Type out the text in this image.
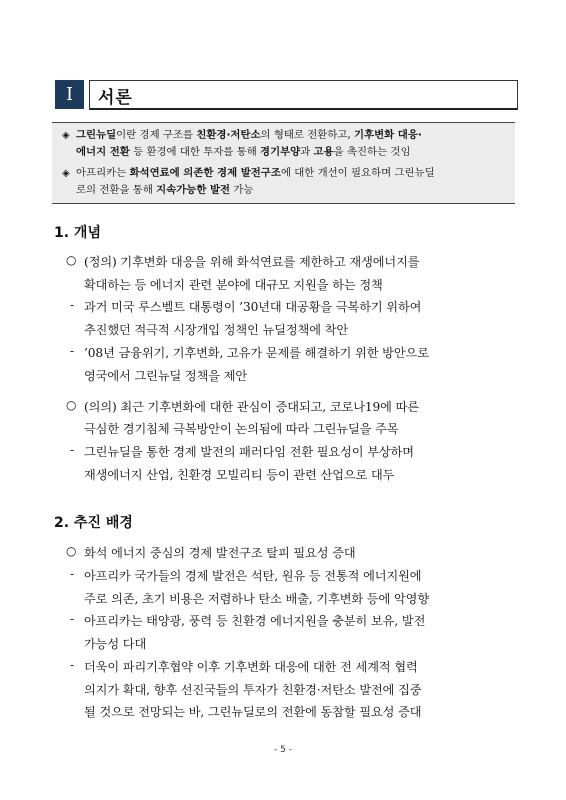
I	서론
◈ 그린뉴딜이란 경제 구조를 친환경·저탄소의 형태로 전환하고, 기후변화 대응·
에너지 전환 등 환경에 대한 투자를 통해 경기부양과 고용을 촉진하는 것임
◈ 아프리카는 화석연료에 의존한 경제 발전구조에 대한 개선이 필요하며 그린뉴딜
로의 전환을 통해 지속가능한 발전 가능
1. 개념
○ (정의) 기후변화 대응을 위해 화석연료를 제한하고 재생에너지를
확대하는 등 에너지 관련 분야에 대규모 지원을 하는 정책
- 과거 미국 루스벨트 대통령이 ’30년대 대공황을 극복하기 위하여
추진했던 적극적 시장개입 정책인 뉴딜정책에 착안
- ’08년 금융위기, 기후변화, 고유가 문제를 해결하기 위한 방안으로
영국에서 그린뉴딜 정책을 제안
○ (의의) 최근 기후변화에 대한 관심이 증대되고, 코로나19에 따른
극심한 경기침체 극복방안이 논의됨에 따라 그린뉴딜을 주목
- 그린뉴딜을 통한 경제 발전의 패러다임 전환 필요성이 부상하며
재생에너지 산업, 친환경 모빌리티 등이 관련 산업으로 대두
2. 추진 배경
○ 화석 에너지 중심의 경제 발전구조 탈피 필요성 증대
- 아프리카 국가들의 경제 발전은 석탄, 원유 등 전통적 에너지원에
주로 의존, 초기 비용은 저렴하나 탄소 배출, 기후변화 등에 악영향
- 아프리카는 태양광, 풍력 등 친환경 에너지원을 충분히 보유, 발전
가능성 다대
- 더욱이 파리기후협약 이후 기후변화 대응에 대한 전 세계적 협력
의지가 확대, 향후 선진국들의 투자가 친환경·저탄소 발전에 집중
될 것으로 전망되는 바, 그린뉴딜로의 전환에 동참할 필요성 증대
- 5 -
